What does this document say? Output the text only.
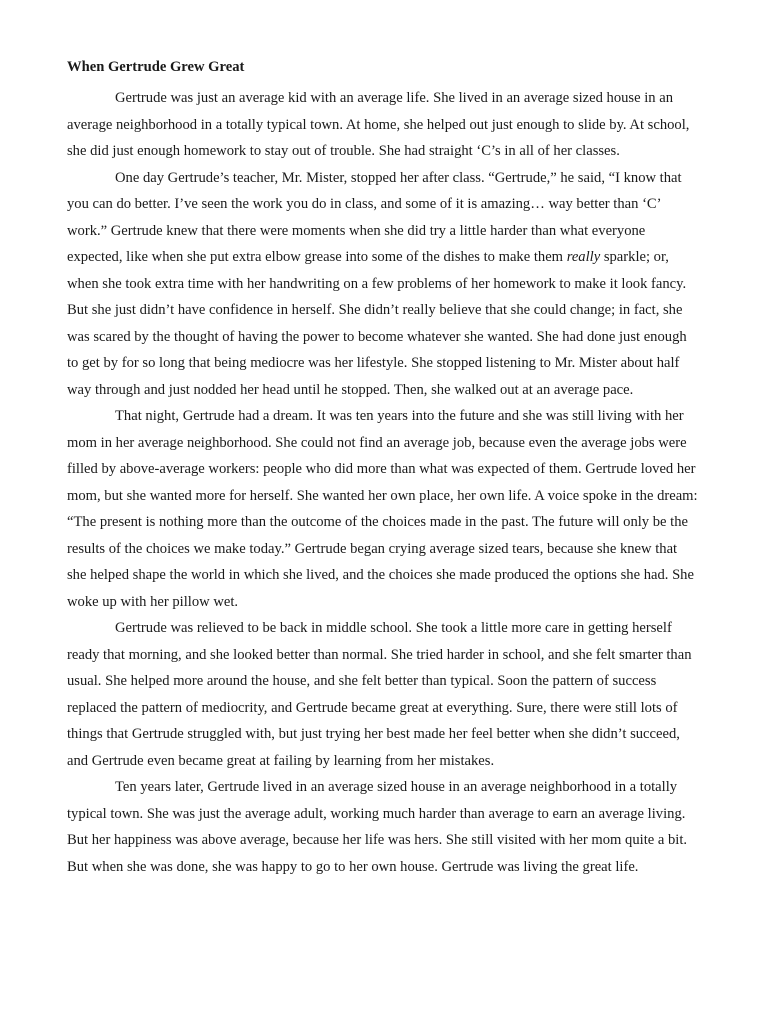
When Gertrude Grew Great

Gertrude was just an average kid with an average life. She lived in an average sized house in an average neighborhood in a totally typical town. At home, she helped out just enough to slide by. At school, she did just enough homework to stay out of trouble. She had straight ‘C’s in all of her classes.

One day Gertrude’s teacher, Mr. Mister, stopped her after class. “Gertrude,” he said, “I know that you can do better. I’ve seen the work you do in class, and some of it is amazing… way better than ‘C’ work.” Gertrude knew that there were moments when she did try a little harder than what everyone expected, like when she put extra elbow grease into some of the dishes to make them really sparkle; or, when she took extra time with her handwriting on a few problems of her homework to make it look fancy. But she just didn’t have confidence in herself. She didn’t really believe that she could change; in fact, she was scared by the thought of having the power to become whatever she wanted. She had done just enough to get by for so long that being mediocre was her lifestyle. She stopped listening to Mr. Mister about half way through and just nodded her head until he stopped. Then, she walked out at an average pace.

That night, Gertrude had a dream. It was ten years into the future and she was still living with her mom in her average neighborhood. She could not find an average job, because even the average jobs were filled by above-average workers: people who did more than what was expected of them. Gertrude loved her mom, but she wanted more for herself. She wanted her own place, her own life. A voice spoke in the dream: “The present is nothing more than the outcome of the choices made in the past. The future will only be the results of the choices we make today.” Gertrude began crying average sized tears, because she knew that she helped shape the world in which she lived, and the choices she made produced the options she had. She woke up with her pillow wet.

Gertrude was relieved to be back in middle school. She took a little more care in getting herself ready that morning, and she looked better than normal. She tried harder in school, and she felt smarter than usual. She helped more around the house, and she felt better than typical. Soon the pattern of success replaced the pattern of mediocrity, and Gertrude became great at everything. Sure, there were still lots of things that Gertrude struggled with, but just trying her best made her feel better when she didn’t succeed, and Gertrude even became great at failing by learning from her mistakes.

Ten years later, Gertrude lived in an average sized house in an average neighborhood in a totally typical town. She was just the average adult, working much harder than average to earn an average living. But her happiness was above average, because her life was hers. She still visited with her mom quite a bit. But when she was done, she was happy to go to her own house. Gertrude was living the great life.
